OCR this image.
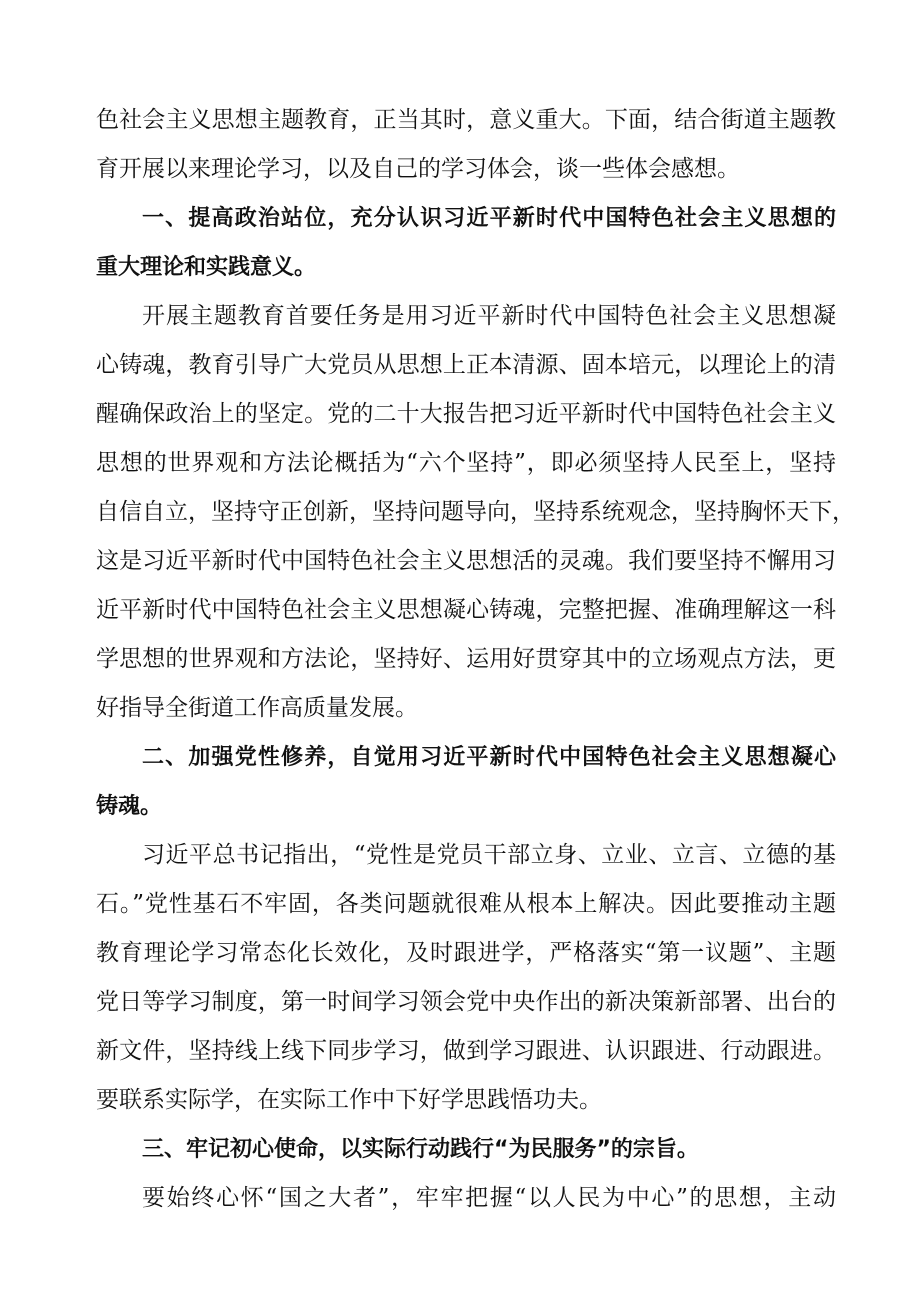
色社会主义思想主题教育，正当其时，意义重大。下面，结合街道主题教
育开展以来理论学习，以及自己的学习体会，谈一些体会感想。
一、提高政治站位，充分认识习近平新时代中国特色社会主义思想的
重大理论和实践意义。
开展主题教育首要任务是用习近平新时代中国特色社会主义思想凝
心铸魂，教育引导广大党员从思想上正本清源、固本培元，以理论上的清
醒确保政治上的坚定。党的二十大报告把习近平新时代中国特色社会主义
思想的世界观和方法论概括为“六个坚持”，即必须坚持人民至上，坚持
自信自立，坚持守正创新，坚持问题导向，坚持系统观念，坚持胸怀天下，
这是习近平新时代中国特色社会主义思想活的灵魂。我们要坚持不懈用习
近平新时代中国特色社会主义思想凝心铸魂，完整把握、准确理解这一科
学思想的世界观和方法论，坚持好、运用好贯穿其中的立场观点方法，更
好指导全街道工作高质量发展。
二、加强党性修养，自觉用习近平新时代中国特色社会主义思想凝心
铸魂。
习近平总书记指出，“党性是党员干部立身、立业、立言、立德的基
石。”党性基石不牢固，各类问题就很难从根本上解决。因此要推动主题
教育理论学习常态化长效化，及时跟进学，严格落实“第一议题”、主题
党日等学习制度，第一时间学习领会党中央作出的新决策新部署、出台的
新文件，坚持线上线下同步学习，做到学习跟进、认识跟进、行动跟进。
要联系实际学，在实际工作中下好学思践悟功夫。
三、牢记初心使命，以实际行动践行“为民服务”的宗旨。
要始终心怀“国之大者”，牢牢把握“以人民为中心”的思想，主动
